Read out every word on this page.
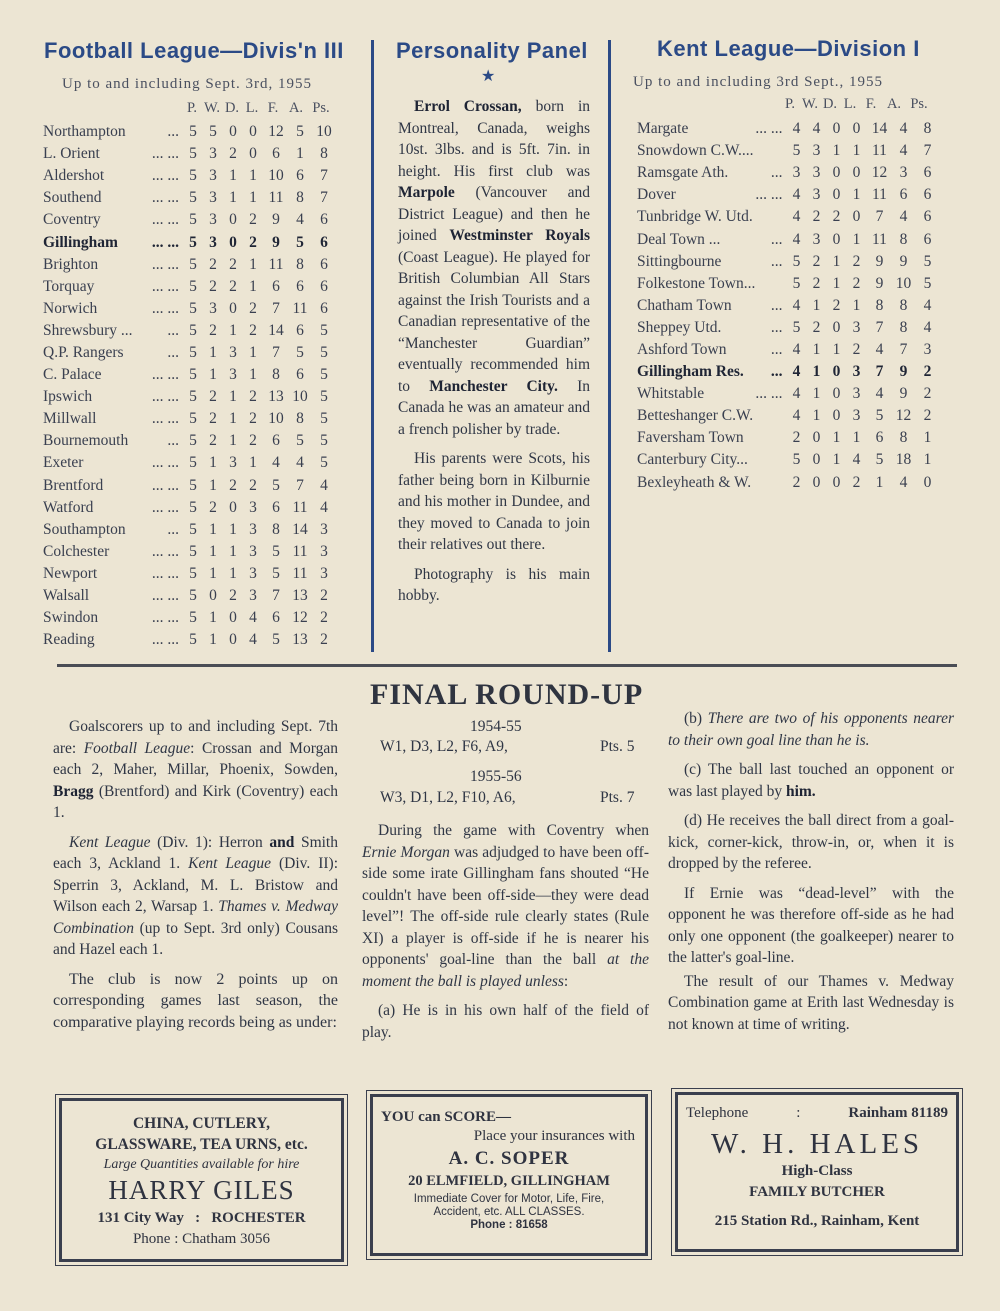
Football League—Divis'n III
Up to and including Sept. 3rd, 1955
P. W. D. L. F. A. Ps.
Northampton	...	5	5	0	0	12	5	10
L. Orient	... ...	5	3	2	0	6	1	8
Aldershot	... ...	5	3	1	1	10	6	7
Southend	... ...	5	3	1	1	11	8	7
Coventry	... ...	5	3	0	2	9	4	6
Gillingham	... ...	5	3	0	2	9	5	6
Brighton	... ...	5	2	2	1	11	8	6
Torquay	... ...	5	2	2	1	6	6	6
Norwich	... ...	5	3	0	2	7	11	6
Shrewsbury ...	...	5	2	1	2	14	6	5
Q.P. Rangers	...	5	1	3	1	7	5	5
C. Palace	... ...	5	1	3	1	8	6	5
Ipswich	... ...	5	2	1	2	13	10	5
Millwall	... ...	5	2	1	2	10	8	5
Bournemouth	...	5	2	1	2	6	5	5
Exeter	... ...	5	1	3	1	4	4	5
Brentford	... ...	5	1	2	2	5	7	4
Watford	... ...	5	2	0	3	6	11	4
Southampton	...	5	1	1	3	8	14	3
Colchester	... ...	5	1	1	3	5	11	3
Newport	... ...	5	1	1	3	5	11	3
Walsall	... ...	5	0	2	3	7	13	2
Swindon	... ...	5	1	0	4	6	12	2
Reading	... ...	5	1	0	4	5	13	2
Personality Panel
★

Errol Crossan, born in Montreal, Canada, weighs 10st. 3lbs. and is 5ft. 7in. in height. His first club was Marpole (Vancouver and District League) and then he joined Westminster Royals (Coast League). He played for British Columbian All Stars against the Irish Tourists and a Canadian representative of the “Manchester Guardian” eventually recommended him to Manchester City. In Canada he was an amateur and a french polisher by trade.

His parents were Scots, his father being born in Kilburnie and his mother in Dundee, and they moved to Canada to join their relatives out there.

Photography is his main hobby.

Kent League—Division I
Up to and including 3rd Sept., 1955
P. W. D. L. F. A. Ps.
Margate	... ...	4	4	0	0	14	4	8
Snowdown C.W....		5	3	1	1	11	4	7
Ramsgate Ath.	...	3	3	0	0	12	3	6
Dover	... ...	4	3	0	1	11	6	6
Tunbridge W. Utd.		4	2	2	0	7	4	6
Deal Town ...	...	4	3	0	1	11	8	6
Sittingbourne	...	5	2	1	2	9	9	5
Folkestone Town...		5	2	1	2	9	10	5
Chatham Town	...	4	1	2	1	8	8	4
Sheppey Utd.	...	5	2	0	3	7	8	4
Ashford Town	...	4	1	1	2	4	7	3
Gillingham Res.	...	4	1	0	3	7	9	2
Whitstable	... ...	4	1	0	3	4	9	2
Betteshanger C.W.		4	1	0	3	5	12	2
Faversham Town		2	0	1	1	6	8	1
Canterbury City...		5	0	1	4	5	18	1
Bexleyheath & W.		2	0	0	2	1	4	0

Goalscorers up to and including Sept. 7th are: Football League: Crossan and Morgan each 2, Maher, Millar, Phoenix, Sowden, Bragg (Brentford) and Kirk (Coventry) each 1.

Kent League (Div. 1): Herron and Smith each 3, Ackland 1. Kent League (Div. II): Sperrin 3, Ackland, M. L. Bristow and Wilson each 2, Warsap 1. Thames v. Medway Combination (up to Sept. 3rd only) Cousans and Hazel each 1.

The club is now 2 points up on corresponding games last season, the comparative playing records being as under:

FINAL ROUND-UP
1954-55
W1, D3, L2, F6, A9,	Pts. 5
1955-56
W3, D1, L2, F10, A6,	Pts. 7

During the game with Coventry when Ernie Morgan was adjudged to have been off-side some irate Gillingham fans shouted “He couldn't have been off-side—they were dead level”! The off-side rule clearly states (Rule XI) a player is off-side if he is nearer his opponents' goal-line than the ball at the moment the ball is played unless:

(a) He is in his own half of the field of play.

(b) There are two of his opponents nearer to their own goal line than he is.

(c) The ball last touched an opponent or was last played by him.

(d) He receives the ball direct from a goal-kick, corner-kick, throw-in, or, when it is dropped by the referee.

If Ernie was “dead-level” with the opponent he was therefore off-side as he had only one opponent (the goalkeeper) nearer to the latter's goal-line.

The result of our Thames v. Medway Combination game at Erith last Wednesday is not known at time of writing.

CHINA, CUTLERY,
GLASSWARE, TEA URNS, etc.
Large Quantities available for hire
HARRY GILES
131 City Way : ROCHESTER
Phone : Chatham 3056
YOU can SCORE—
Place your insurances with
A. C. SOPER
20 ELMFIELD, GILLINGHAM
Immediate Cover for Motor, Life, Fire,
Accident, etc. ALL CLASSES.
Phone : 81658
Telephone	:	Rainham 81189
W. H. HALES
High-Class
FAMILY BUTCHER
215 Station Rd., Rainham, Kent
